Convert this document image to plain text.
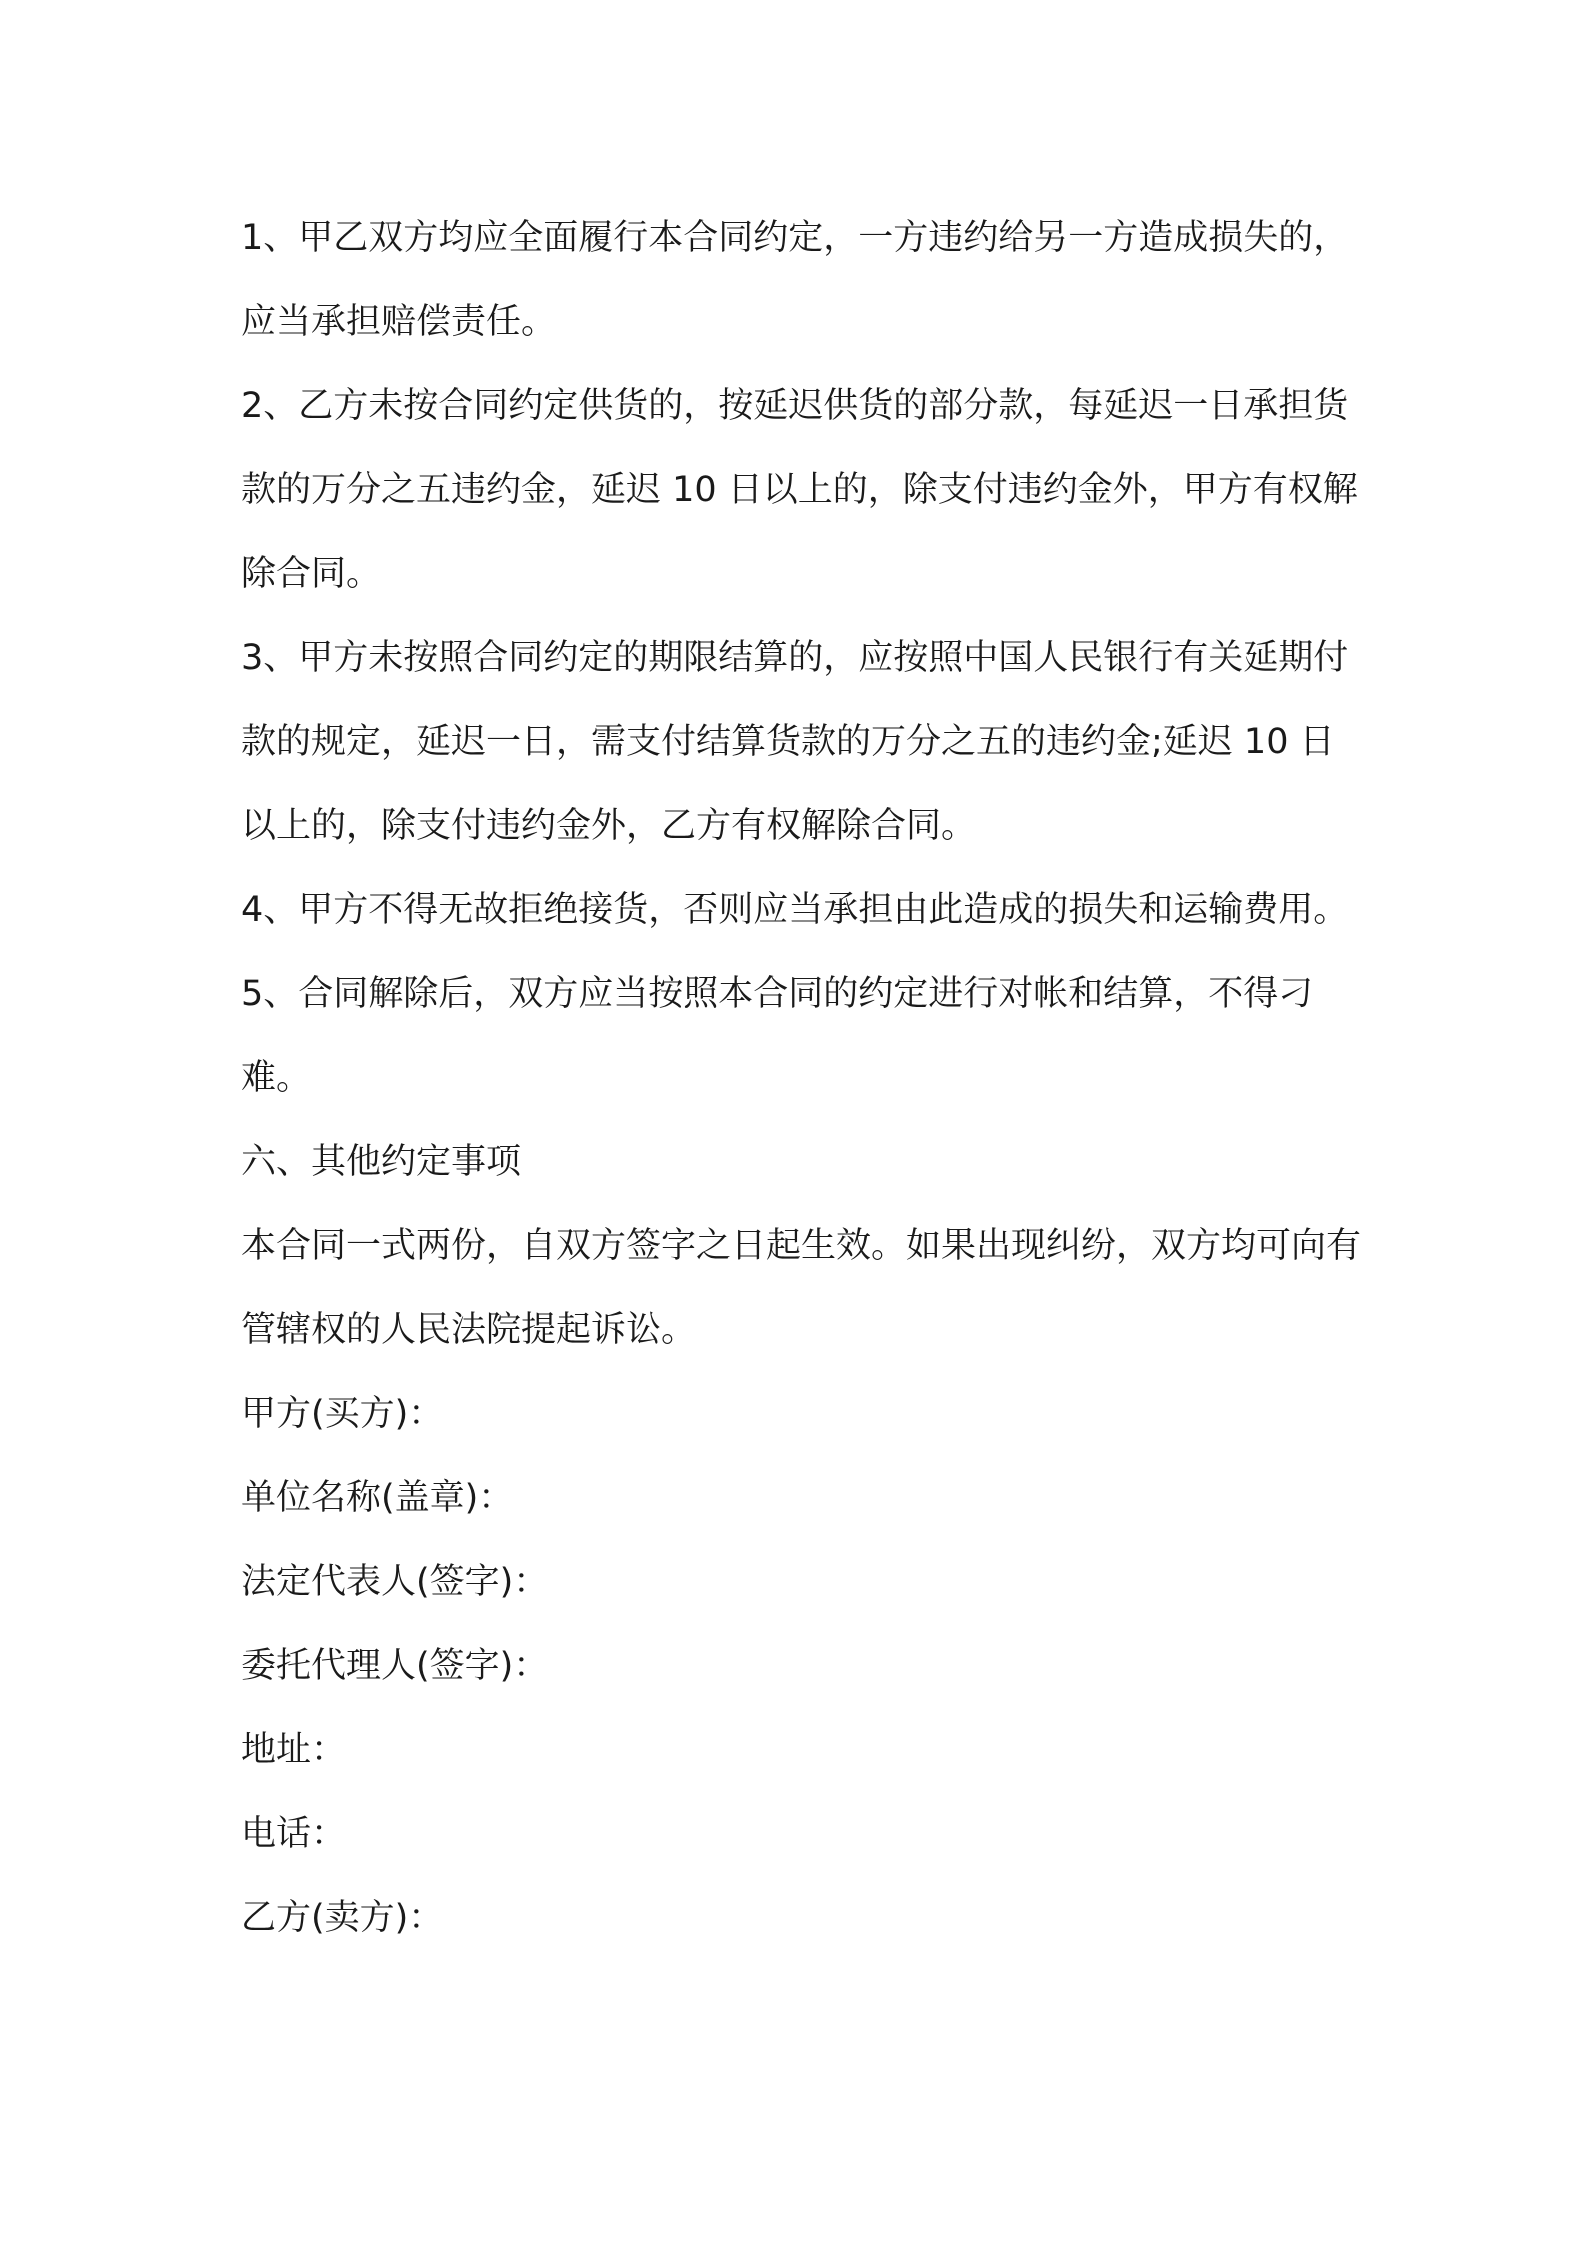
1、甲乙双方均应全面履行本合同约定，一方违约给另一方造成损失的，应当承担赔偿责任。

2、乙方未按合同约定供货的，按延迟供货的部分款，每延迟一日承担货款的万分之五违约金，延迟 10 日以上的，除支付违约金外，甲方有权解除合同。

3、甲方未按照合同约定的期限结算的，应按照中国人民银行有关延期付款的规定，延迟一日，需支付结算货款的万分之五的违约金;延迟 10 日以上的，除支付违约金外，乙方有权解除合同。

4、甲方不得无故拒绝接货，否则应当承担由此造成的损失和运输费用。

5、合同解除后，双方应当按照本合同的约定进行对帐和结算，不得刁难。

六、其他约定事项

本合同一式两份，自双方签字之日起生效。如果出现纠纷，双方均可向有管辖权的人民法院提起诉讼。

甲方(买方)：

单位名称(盖章)：

法定代表人(签字)：

委托代理人(签字)：

地址：

电话：

乙方(卖方)：
